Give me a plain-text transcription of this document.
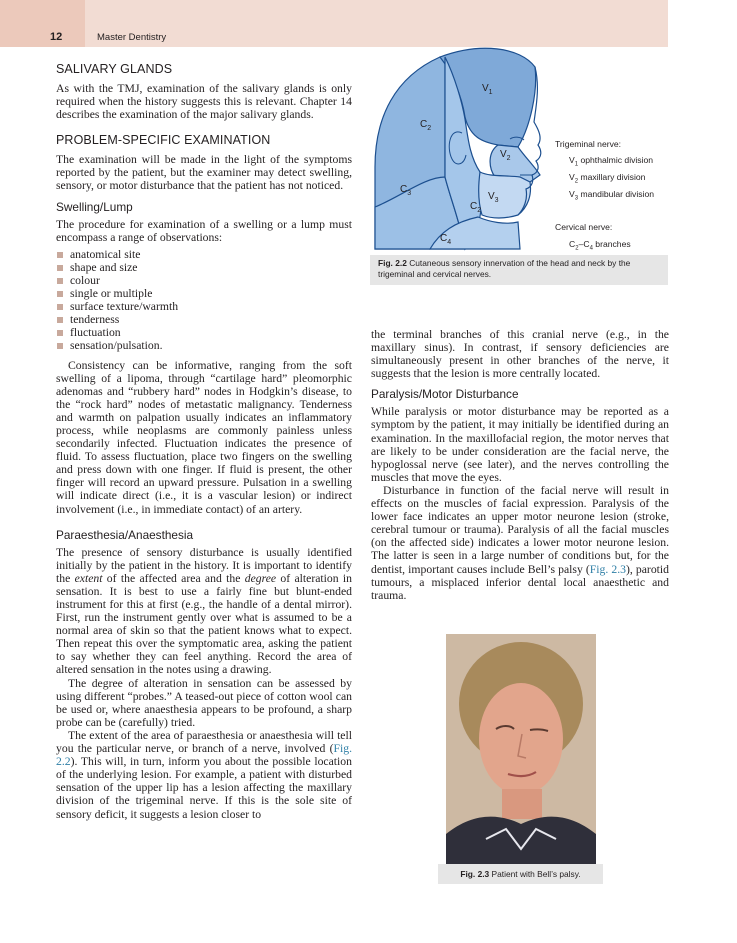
12	Master Dentistry
SALIVARY GLANDS

As with the TMJ, examination of the salivary glands is only required when the history suggests this is relevant. Chapter 14 describes the examination of the major salivary glands.

PROBLEM-SPECIFIC EXAMINATION

The examination will be made in the light of the symptoms reported by the patient, but the examiner may detect swelling, sensory, or motor disturbance that the patient has not noticed.

Swelling/Lump

The procedure for examination of a swelling or a lump must encompass a range of observations:

anatomical site
shape and size
colour
single or multiple
surface texture/warmth
tenderness
fluctuation
sensation/pulsation.

Consistency can be informative, ranging from the soft swelling of a lipoma, through “cartilage hard” pleomorphic adenomas and “rubbery hard” nodes in Hodgkin’s disease, to the “rock hard” nodes of metastatic malignancy. Tenderness and warmth on palpation usually indicates an inflammatory process, while neoplasms are commonly painless unless secondarily infected. Fluctuation indicates the presence of fluid. To assess fluctuation, place two fingers on the swelling and press down with one finger. If fluid is present, the other finger will record an upward pressure. Pulsation in a swelling will indicate direct (i.e., it is a vascular lesion) or indirect involvement (i.e., in immediate contact) of an artery.

Paraesthesia/Anaesthesia

The presence of sensory disturbance is usually identified initially by the patient in the history. It is important to identify the extent of the affected area and the degree of alteration in sensation. It is best to use a fairly fine but blunt-ended instrument for this at first (e.g., the handle of a dental mirror). First, run the instrument gently over what is assumed to be a normal area of skin so that the patient knows what to expect. Then repeat this over the symptomatic area, asking the patient to say whether they can feel anything. Record the area of altered sensation in the notes using a drawing.

The degree of alteration in sensation can be assessed by using different “probes.” A teased-out piece of cotton wool can be used or, where anaesthesia appears to be profound, a sharp probe can be (carefully) tried.

The extent of the area of paraesthesia or anaesthesia will tell you the particular nerve, or branch of a nerve, involved (Fig. 2.2). This will, in turn, inform you about the possible location of the underlying lesion. For example, a patient with disturbed sensation of the upper lip has a lesion affecting the maxillary division of the trigeminal nerve. If this is the sole site of sensory deficit, it suggests a lesion closer to

$V_1$
$V_2$
$V_3$
$C_2$
$C_2$
$C_3$
$C_4$
Trigeminal nerve:
$V_1$ ophthalmic division
$V_2$ maxillary division
$V_3$ mandibular division
Cervical nerve:
$C_2-C_4$ branches
Fig. 2.2 Cutaneous sensory innervation of the head and neck by the trigeminal and cervical nerves.

the terminal branches of this cranial nerve (e.g., in the maxillary sinus). In contrast, if sensory deficiencies are simultaneously present in other branches of the nerve, it suggests that the lesion is more centrally located.

Paralysis/Motor Disturbance

While paralysis or motor disturbance may be reported as a symptom by the patient, it may initially be identified during an examination. In the maxillofacial region, the motor nerves that are likely to be under consideration are the facial nerve, the hypoglossal nerve (see later), and the nerves controlling the muscles that move the eyes.

Disturbance in function of the facial nerve will result in effects on the muscles of facial expression. Paralysis of the lower face indicates an upper motor neurone lesion (stroke, cerebral tumour or trauma). Paralysis of all the facial muscles (on the affected side) indicates a lower motor neurone lesion. The latter is seen in a large number of conditions but, for the dentist, important causes include Bell’s palsy (Fig. 2.3), parotid tumours, a misplaced inferior dental local anaesthetic and trauma.

Fig. 2.3 Patient with Bell’s palsy.
